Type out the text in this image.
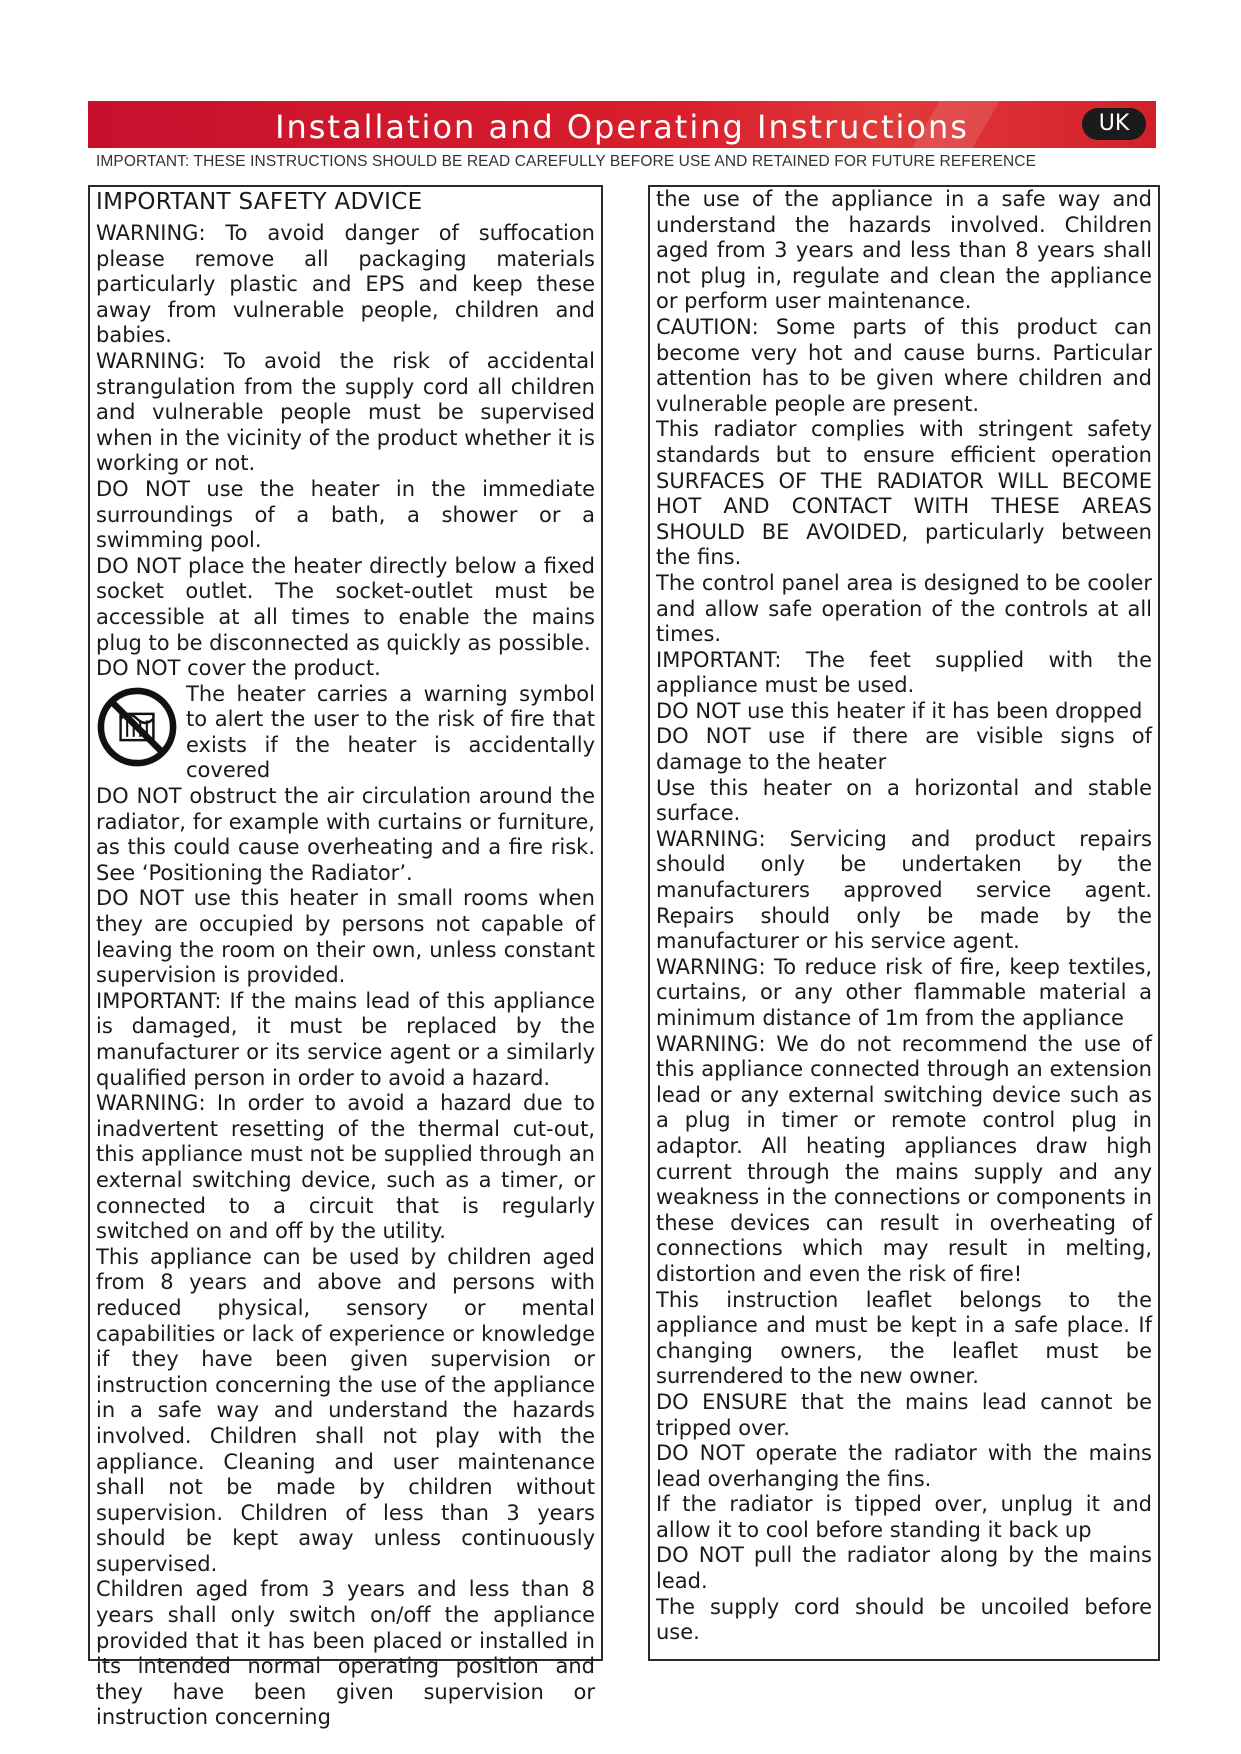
Installation and Operating Instructions	UK
IMPORTANT: THESE INSTRUCTIONS SHOULD BE READ CAREFULLY BEFORE USE AND RETAINED FOR FUTURE REFERENCE
IMPORTANT SAFETY ADVICE

WARNING: To avoid danger of suffocation please remove all packaging materials particularly plastic and EPS and keep these away from vulnerable people, children and babies.

WARNING: To avoid the risk of accidental strangulation from the supply cord all children and vulnerable people must be supervised when in the vicinity of the product whether it is working or not.

DO NOT use the heater in the immediate surroundings of a bath, a shower or a swimming pool.

DO NOT place the heater directly below a fixed socket outlet. The socket-outlet must be accessible at all times to enable the mains plug to be disconnected as quickly as possible.

DO NOT cover the product.

The heater carries a warning symbol to alert the user to the risk of fire that exists if the heater is accidentally covered

DO NOT obstruct the air circulation around the radiator, for example with curtains or furniture, as this could cause overheating and a fire risk. See ‘Positioning the Radiator’.

DO NOT use this heater in small rooms when they are occupied by persons not capable of leaving the room on their own, unless constant supervision is provided.

IMPORTANT: If the mains lead of this appliance is damaged, it must be replaced by the manufacturer or its service agent or a similarly qualified person in order to avoid a hazard.

WARNING: In order to avoid a hazard due to inadvertent resetting of the thermal cut-out, this appliance must not be supplied through an external switching device, such as a timer, or connected to a circuit that is regularly switched on and off by the utility.

This appliance can be used by children aged from 8 years and above and persons with reduced physical, sensory or mental capabilities or lack of experience or knowledge if they have been given supervision or instruction concerning the use of the appliance in a safe way and understand the hazards involved. Children shall not play with the appliance. Cleaning and user maintenance shall not be made by children without supervision. Children of less than 3 years should be kept away unless continuously supervised.

Children aged from 3 years and less than 8 years shall only switch on/off the appliance provided that it has been placed or installed in its intended normal operating position and they have been given supervision or instruction concerning

the use of the appliance in a safe way and understand the hazards involved. Children aged from 3 years and less than 8 years shall not plug in, regulate and clean the appliance or perform user maintenance.

CAUTION: Some parts of this product can become very hot and cause burns. Particular attention has to be given where children and vulnerable people are present.

This radiator complies with stringent safety standards but to ensure efficient operation SURFACES OF THE RADIATOR WILL BECOME HOT AND CONTACT WITH THESE AREAS SHOULD BE AVOIDED, particularly between the fins.

The control panel area is designed to be cooler and allow safe operation of the controls at all times.

IMPORTANT: The feet supplied with the appliance must be used.

DO NOT use this heater if it has been dropped

DO NOT use if there are visible signs of damage to the heater

Use this heater on a horizontal and stable surface.

WARNING: Servicing and product repairs should only be undertaken by the manufacturers approved service agent. Repairs should only be made by the manufacturer or his service agent.

WARNING: To reduce risk of fire, keep textiles, curtains, or any other flammable material a minimum distance of 1m from the appliance

WARNING: We do not recommend the use of this appliance connected through an extension lead or any external switching device such as a plug in timer or remote control plug in adaptor. All heating appliances draw high current through the mains supply and any weakness in the connections or components in these devices can result in overheating of connections which may result in melting, distortion and even the risk of fire!

This instruction leaflet belongs to the appliance and must be kept in a safe place. If changing owners, the leaflet must be surrendered to the new owner.

DO ENSURE that the mains lead cannot be tripped over.

DO NOT operate the radiator with the mains lead overhanging the fins.

If the radiator is tipped over, unplug it and allow it to cool before standing it back up

DO NOT pull the radiator along by the mains lead.

The supply cord should be uncoiled before use.
